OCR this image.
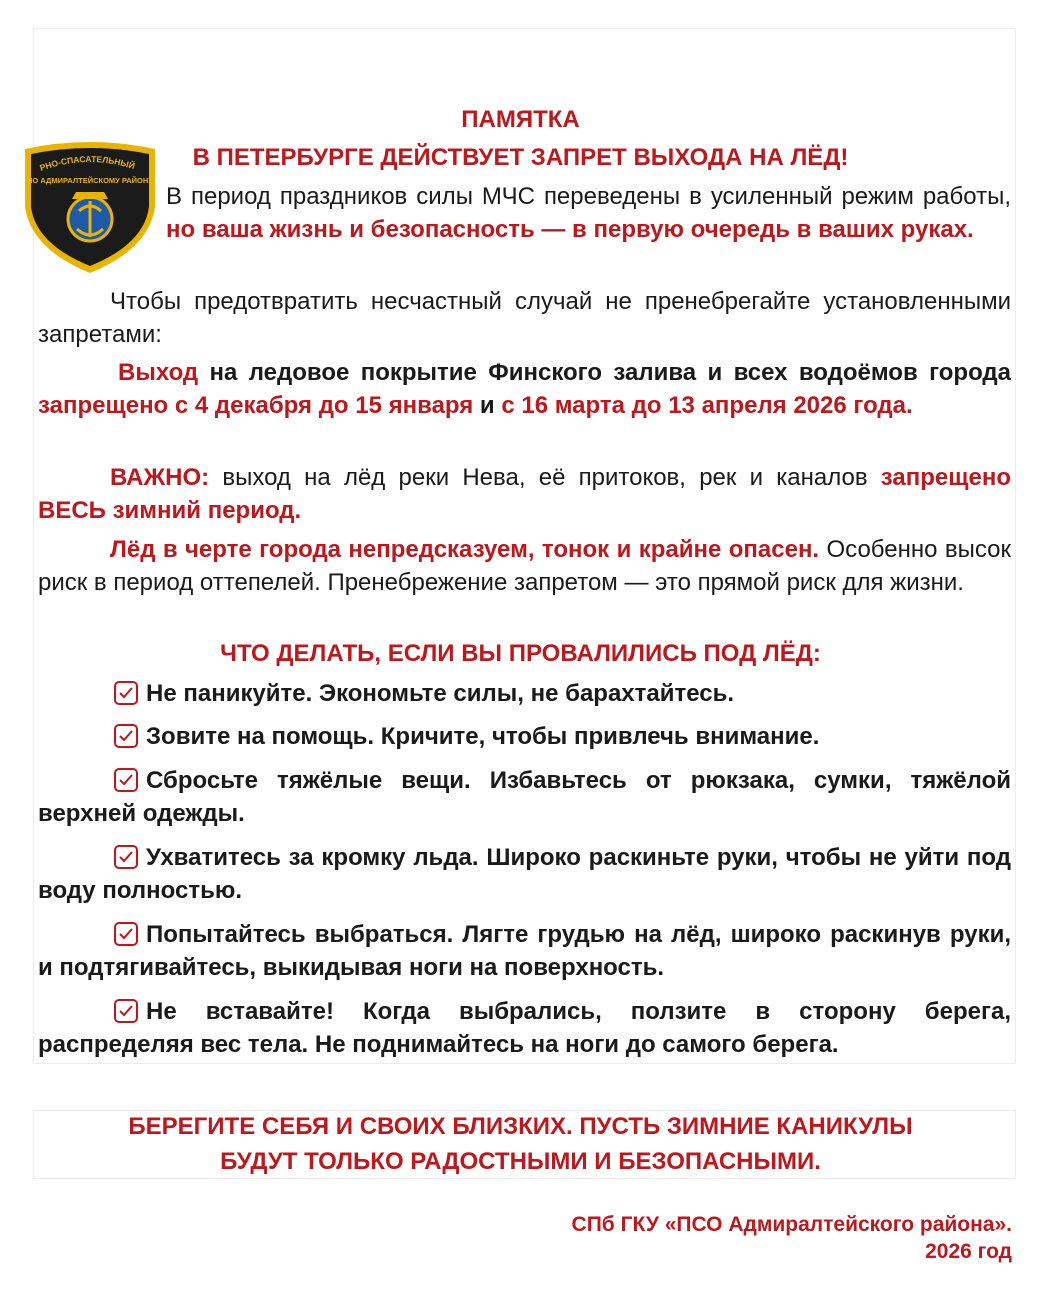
ПАМЯТКА
В ПЕТЕРБУРГЕ ДЕЙСТВУЕТ ЗАПРЕТ ВЫХОДА НА ЛЁД!
РНО-СПАСАТЕЛЬНЫЙ
ПО АДМИРАЛТЕЙСКОМУ РАЙОНУ
В период праздников силы МЧС переведены в усиленный режим работы, но ваша жизнь и безопасность — в первую очередь в ваших руках.
Чтобы предотвратить несчастный случай не пренебрегайте установленными запретами:
Выход на ледовое покрытие Финского залива и всех водоёмов города запрещено с 4 декабря до 15 января и с 16 марта до 13 апреля 2026 года.
ВАЖНО: выход на лёд реки Нева, её притоков, рек и каналов запрещено ВЕСЬ зимний период.
Лёд в черте города непредсказуем, тонок и крайне опасен. Особенно высок риск в период оттепелей. Пренебрежение запретом — это прямой риск для жизни.
ЧТО ДЕЛАТЬ, ЕСЛИ ВЫ ПРОВАЛИЛИСЬ ПОД ЛЁД:
Не паникуйте. Экономьте силы, не барахтайтесь.
Зовите на помощь. Кричите, чтобы привлечь внимание.
Сбросьте тяжёлые вещи. Избавьтесь от рюкзака, сумки, тяжёлой верхней одежды.
Ухватитесь за кромку льда. Широко раскиньте руки, чтобы не уйти под воду полностью.
Попытайтесь выбраться. Лягте грудью на лёд, широко раскинув руки, и подтягивайтесь, выкидывая ноги на поверхность.
Не вставайте! Когда выбрались, ползите в сторону берега, распределяя вес тела. Не поднимайтесь на ноги до самого берега.
БЕРЕГИТЕ СЕБЯ И СВОИХ БЛИЗКИХ. ПУСТЬ ЗИМНИЕ КАНИКУЛЫ
БУДУТ ТОЛЬКО РАДОСТНЫМИ И БЕЗОПАСНЫМИ.
СПб ГКУ «ПСО Адмиралтейского района».
2026 год
